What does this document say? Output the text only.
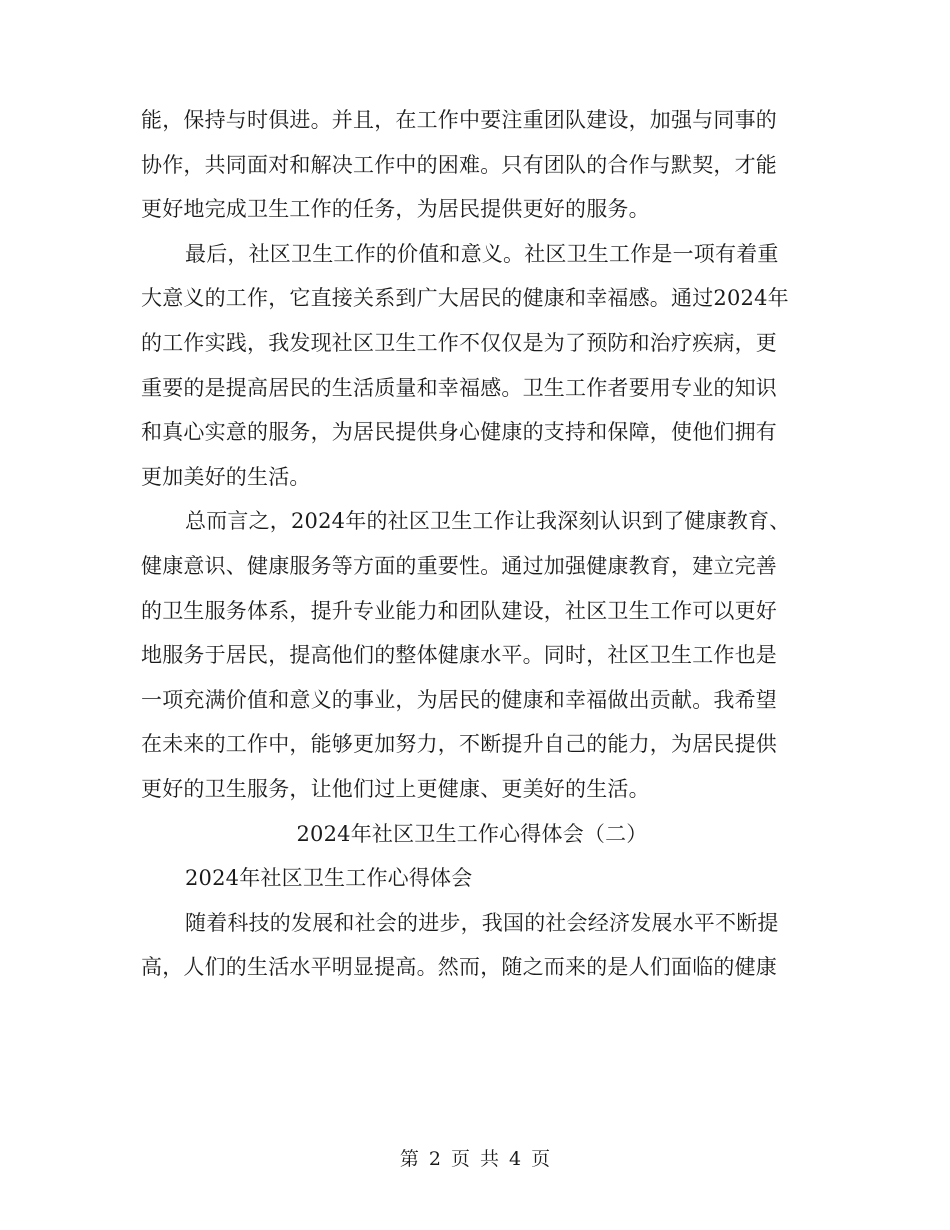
能，保持与时俱进。并且，在工作中要注重团队建设，加强与同事的
协作，共同面对和解决工作中的困难。只有团队的合作与默契，才能
更好地完成卫生工作的任务，为居民提供更好的服务。
最后，社区卫生工作的价值和意义。社区卫生工作是一项有着重
大意义的工作，它直接关系到广大居民的健康和幸福感。通过2024年
的工作实践，我发现社区卫生工作不仅仅是为了预防和治疗疾病，更
重要的是提高居民的生活质量和幸福感。卫生工作者要用专业的知识
和真心实意的服务，为居民提供身心健康的支持和保障，使他们拥有
更加美好的生活。
总而言之，2024年的社区卫生工作让我深刻认识到了健康教育、
健康意识、健康服务等方面的重要性。通过加强健康教育，建立完善
的卫生服务体系，提升专业能力和团队建设，社区卫生工作可以更好
地服务于居民，提高他们的整体健康水平。同时，社区卫生工作也是
一项充满价值和意义的事业，为居民的健康和幸福做出贡献。我希望
在未来的工作中，能够更加努力，不断提升自己的能力，为居民提供
更好的卫生服务，让他们过上更健康、更美好的生活。
2024年社区卫生工作心得体会（二）
2024年社区卫生工作心得体会
随着科技的发展和社会的进步，我国的社会经济发展水平不断提
高，人们的生活水平明显提高。然而，随之而来的是人们面临的健康
第 2 页 共 4 页
